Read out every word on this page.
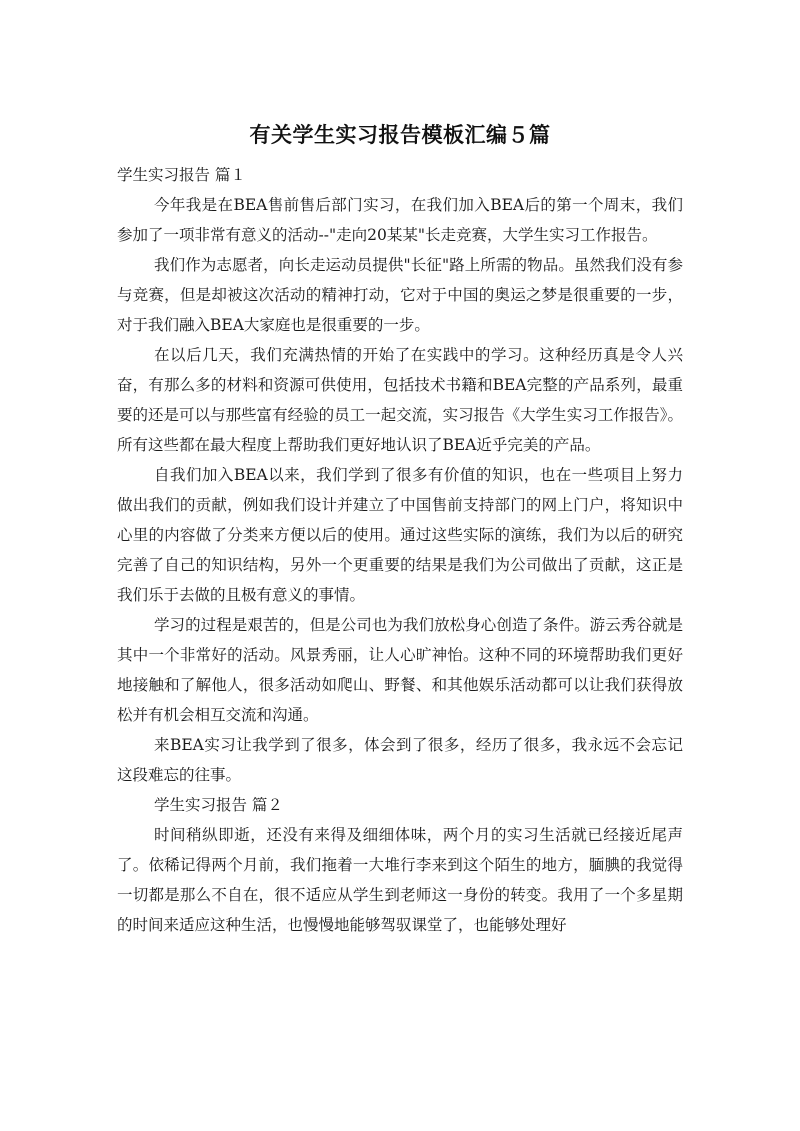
有关学生实习报告模板汇编５篇

学生实习报告 篇１

今年我是在BEA售前售后部门实习，在我们加入BEA后的第一个周末，我们参加了一项非常有意义的活动--"走向20某某"长走竞赛，大学生实习工作报告。

我们作为志愿者，向长走运动员提供"长征"路上所需的物品。虽然我们没有参与竞赛，但是却被这次活动的精神打动，它对于中国的奥运之梦是很重要的一步，对于我们融入BEA大家庭也是很重要的一步。

在以后几天，我们充满热情的开始了在实践中的学习。这种经历真是令人兴奋，有那么多的材料和资源可供使用，包括技术书籍和BEA完整的产品系列，最重要的还是可以与那些富有经验的员工一起交流，实习报告《大学生实习工作报告》。所有这些都在最大程度上帮助我们更好地认识了BEA近乎完美的产品。

自我们加入BEA以来，我们学到了很多有价值的知识，也在一些项目上努力做出我们的贡献，例如我们设计并建立了中国售前支持部门的网上门户，将知识中心里的内容做了分类来方便以后的使用。通过这些实际的演练，我们为以后的研究完善了自己的知识结构，另外一个更重要的结果是我们为公司做出了贡献，这正是我们乐于去做的且极有意义的事情。

学习的过程是艰苦的，但是公司也为我们放松身心创造了条件。游云秀谷就是其中一个非常好的活动。风景秀丽，让人心旷神怡。这种不同的环境帮助我们更好地接触和了解他人，很多活动如爬山、野餐、和其他娱乐活动都可以让我们获得放松并有机会相互交流和沟通。

来BEA实习让我学到了很多，体会到了很多，经历了很多，我永远不会忘记这段难忘的往事。

学生实习报告 篇２

时间稍纵即逝，还没有来得及细细体味，两个月的实习生活就已经接近尾声了。依稀记得两个月前，我们拖着一大堆行李来到这个陌生的地方，腼腆的我觉得一切都是那么不自在，很不适应从学生到老师这一身份的转变。我用了一个多星期的时间来适应这种生活，也慢慢地能够驾驭课堂了，也能够处理好
